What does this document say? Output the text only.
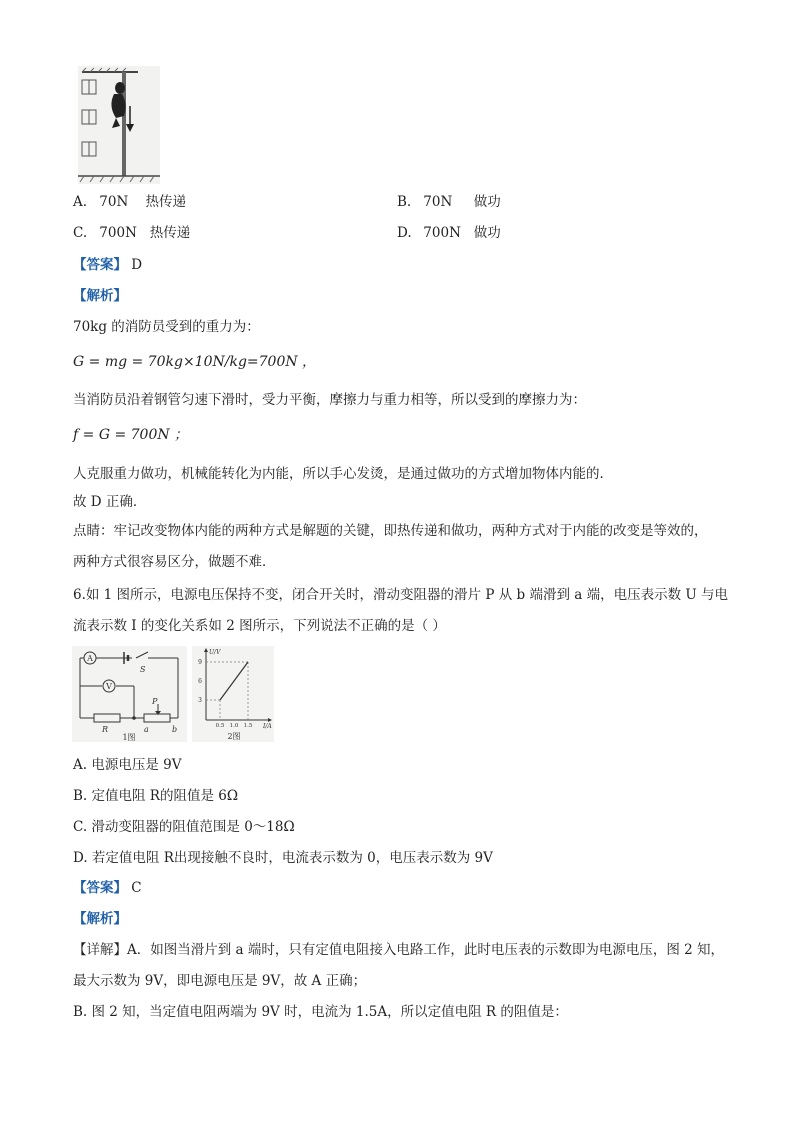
A. 70N 热传递	B. 70N 做功
C. 700N 热传递	D. 700N 做功
【答案】 D
【解析】
70kg 的消防员受到的重力为：
G = mg = 70kg×10N/kg=700N ，
当消防员沿着钢管匀速下滑时，受力平衡，摩擦力与重力相等，所以受到的摩擦力为：
f = G = 700N ；
人克服重力做功，机械能转化为内能，所以手心发烫，是通过做功的方式增加物体内能的．
故 D 正确．
点睛：牢记改变物体内能的两种方式是解题的关键，即热传递和做功，两种方式对于内能的改变是等效的，
两种方式很容易区分，做题不难．
6.如 1 图所示，电源电压保持不变，闭合开关时，滑动变阻器的滑片 P 从 b 端滑到 a 端，电压表示数 U 与电
流表示数 I 的变化关系如 2 图所示，下列说法不正确的是（ ）
A
V
S
R
P
a	b
1图
U/V
I/A
9
6
3
0.5 1.0 1.5
2图
A. 电源电压是 9V
B. 定值电阻 R的阻值是 6Ω
C. 滑动变阻器的阻值范围是 0～18Ω
D. 若定值电阻 R出现接触不良时，电流表示数为 0，电压表示数为 9V
【答案】 C
【解析】
【详解】A．如图当滑片到 a 端时，只有定值电阻接入电路工作，此时电压表的示数即为电源电压，图 2 知，
最大示数为 9V，即电源电压是 9V，故 A 正确；
B. 图 2 知，当定值电阻两端为 9V 时，电流为 1.5A，所以定值电阻 R 的阻值是：
